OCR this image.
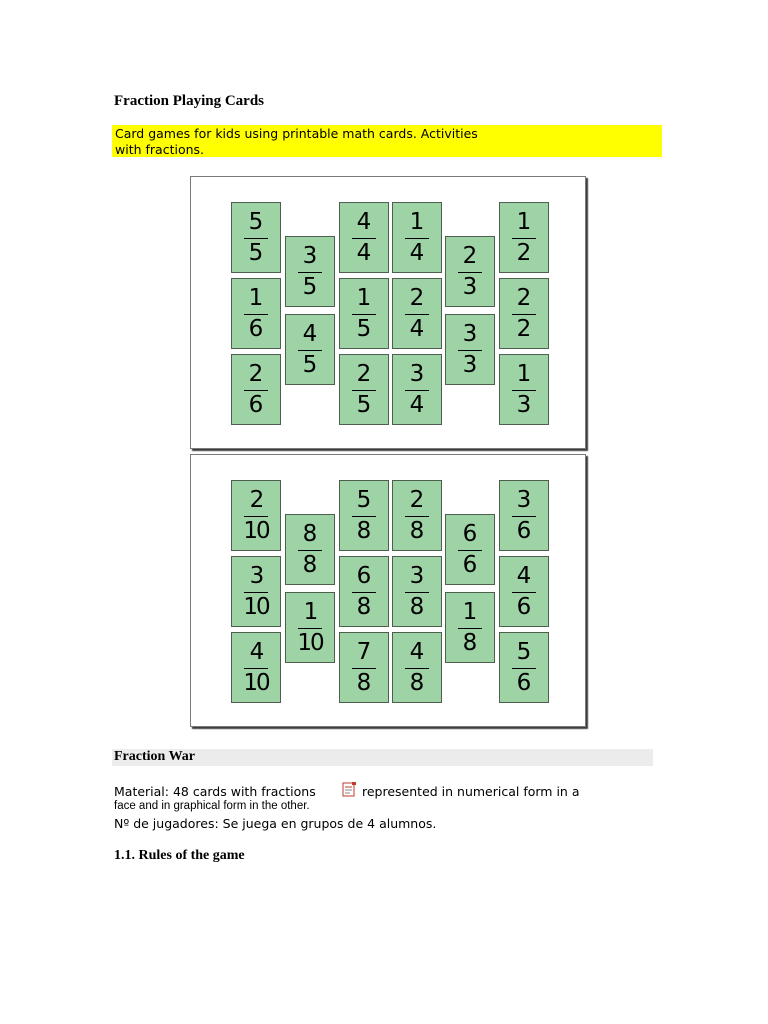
Fraction Playing Cards

Card games for kids using printable math cards. Activities with fractions.

5
5
1
6
2
6
3
5
4
5
4
4
1
5
2
5
1
4
2
4
3
4
2
3
3
3
1
2
2
2
1
3
2
10
3
10
4
10
8
8
1
10
5
8
6
8
7
8
2
8
3
8
4
8
6
6
1
8
3
6
4
6
5
6
Fraction War
Material: 48 cards with fractions	represented in numerical form in a
face and in graphical form in the other.
Nº de jugadores: Se juega en grupos de 4 alumnos.
1.1. Rules of the game
